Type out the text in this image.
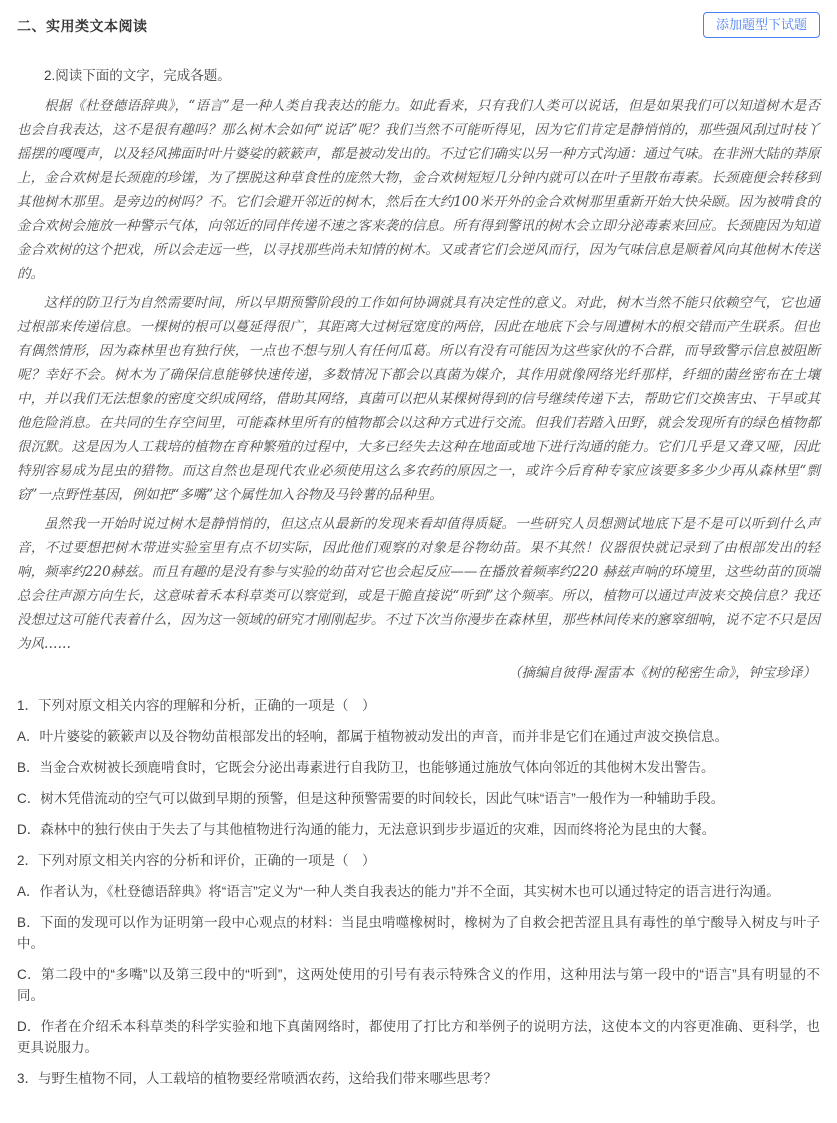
二、实用类文本阅读	添加题型下试题
2.阅读下面的文字，完成各题。

根据《杜登德语辞典》，“语言”是一种人类自我表达的能力。如此看来，只有我们人类可以说话，但是如果我们可以知道树木是否也会自我表达，这不是很有趣吗？那么树木会如何“说话”呢？我们当然不可能听得见，因为它们肯定是静悄悄的，那些强风刮过时枝丫摇摆的嘎嘎声，以及轻风拂面时叶片婆娑的簌簌声，都是被动发出的。不过它们确实以另一种方式沟通：通过气味。在非洲大陆的莽原上，金合欢树是长颈鹿的珍馐，为了摆脱这种草食性的庞然大物，金合欢树短短几分钟内就可以在叶子里散布毒素。长颈鹿便会转移到其他树木那里。是旁边的树吗？不。它们会避开邻近的树木，然后在大约100米开外的金合欢树那里重新开始大快朵颐。因为被啃食的金合欢树会施放一种警示气体，向邻近的同伴传递不速之客来袭的信息。所有得到警讯的树木会立即分泌毒素来回应。长颈鹿因为知道金合欢树的这个把戏，所以会走远一些，以寻找那些尚未知情的树木。又或者它们会逆风而行，因为气味信息是顺着风向其他树木传送的。

这样的防卫行为自然需要时间，所以早期预警阶段的工作如何协调就具有决定性的意义。对此，树木当然不能只依赖空气，它也通过根部来传递信息。一棵树的根可以蔓延得很广，其距离大过树冠宽度的两倍，因此在地底下会与周遭树木的根交错而产生联系。但也有偶然情形，因为森林里也有独行侠，一点也不想与别人有任何瓜葛。所以有没有可能因为这些家伙的不合群，而导致警示信息被阻断呢？幸好不会。树木为了确保信息能够快速传递，多数情况下都会以真菌为媒介，其作用就像网络光纤那样，纤细的菌丝密布在土壤中，并以我们无法想象的密度交织成网络，借助其网络，真菌可以把从某棵树得到的信号继续传递下去，帮助它们交换害虫、干旱或其他危险消息。在共同的生存空间里，可能森林里所有的植物都会以这种方式进行交流。但我们若踏入田野，就会发现所有的绿色植物都很沉默。这是因为人工栽培的植物在育种繁殖的过程中，大多已经失去这种在地面或地下进行沟通的能力。它们几乎是又聋又哑，因此特别容易成为昆虫的猎物。而这自然也是现代农业必须使用这么多农药的原因之一，或许今后育种专家应该要多多少少再从森林里“剽窃”一点野性基因，例如把“多嘴”这个属性加入谷物及马铃薯的品种里。

虽然我一开始时说过树木是静悄悄的，但这点从最新的发现来看却值得质疑。一些研究人员想测试地底下是不是可以听到什么声音，不过要想把树木带进实验室里有点不切实际，因此他们观察的对象是谷物幼苗。果不其然！仪器很快就记录到了由根部发出的轻响，频率约220赫兹。而且有趣的是没有参与实验的幼苗对它也会起反应——在播放着频率约220 赫兹声响的环境里，这些幼苗的顶端总会往声源方向生长，这意味着禾本科草类可以察觉到，或是干脆直接说“听到”这个频率。所以，植物可以通过声波来交换信息？我还没想过这可能代表着什么，因为这一领域的研究才刚刚起步。不过下次当你漫步在森林里，那些林间传来的窸窣细响，说不定不只是因为风……

（摘编自彼得·渥雷本《树的秘密生命》，钟宝珍译）
1．下列对原文相关内容的理解和分析，正确的一项是（　）
A．叶片婆娑的簌簌声以及谷物幼苗根部发出的轻响，都属于植物被动发出的声音，而并非是它们在通过声波交换信息。
B．当金合欢树被长颈鹿啃食时，它既会分泌出毒素进行自我防卫，也能够通过施放气体向邻近的其他树木发出警告。
C．树木凭借流动的空气可以做到早期的预警，但是这种预警需要的时间较长，因此气味“语言”一般作为一种辅助手段。
D．森林中的独行侠由于失去了与其他植物进行沟通的能力，无法意识到步步逼近的灾难，因而终将沦为昆虫的大餐。
2．下列对原文相关内容的分析和评价，正确的一项是（　）
A．作者认为，《杜登德语辞典》将“语言”定义为“一种人类自我表达的能力”并不全面，其实树木也可以通过特定的语言进行沟通。
B．下面的发现可以作为证明第一段中心观点的材料：当昆虫啃噬橡树时，橡树为了自救会把苦涩且具有毒性的单宁酸导入树皮与叶子中。
C．第二段中的“多嘴”以及第三段中的“听到”，这两处使用的引号有表示特殊含义的作用，这种用法与第一段中的“语言”具有明显的不同。
D．作者在介绍禾本科草类的科学实验和地下真菌网络时，都使用了打比方和举例子的说明方法，这使本文的内容更准确、更科学，也更具说服力。
3．与野生植物不同，人工载培的植物要经常喷洒农药，这给我们带来哪些思考？
